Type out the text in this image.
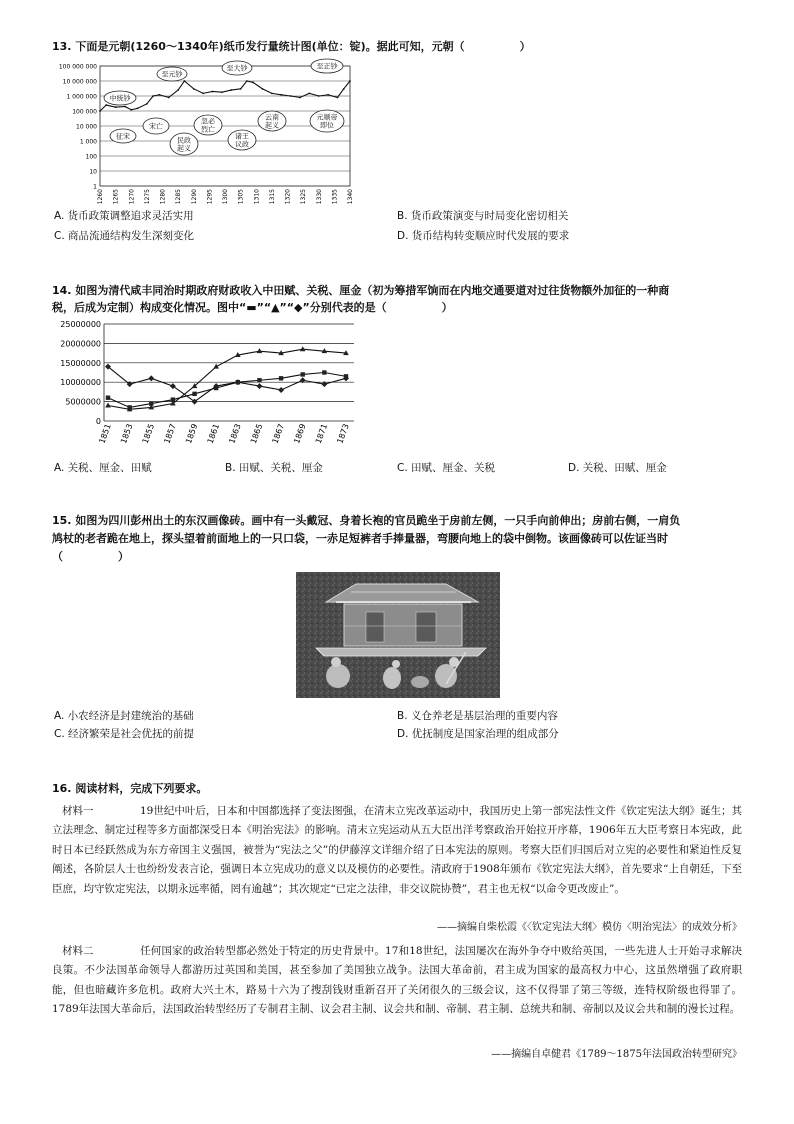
13. 下面是元朝(1260～1340年)纸币发行量统计图(单位：锭)。据此可知，元朝（　　　　　）
100 000 000
10 000 000
1 000 000
100 000
10 000
1 000
100
10
1
1260 1265 1270 1275 1280 1285 1290 1295 1300 1305 1310 1315 1320 1325 1330 1335 1340
中统钞
征宋
宋亡
至元钞
民政
起义
忽必
烈亡
至大钞
诸王
议政
云南
起义
至正钞
元顺帝
即位
A. 货币政策调整追求灵活实用	B. 货币政策演变与时局变化密切相关
C. 商品流通结构发生深刻变化	D. 货币结构转变顺应时代发展的要求
14. 如图为清代咸丰同治时期政府财政收入中田赋、关税、厘金（初为筹措军饷而在内地交通要道对过往货物额外加征的一种商
税，后成为定制）构成变化情况。图中“▬”“▲”“◆”分别代表的是（　　　　　）
25000000
20000000
15000000
10000000
5000000
0
1851 1853 1855 1857 1859 1861 1863 1865 1867 1869 1871 1873
A. 关税、厘金、田赋	B. 田赋、关税、厘金	C. 田赋、厘金、关税	D. 关税、田赋、厘金
15. 如图为四川彭州出土的东汉画像砖。画中有一头戴冠、身着长袍的官员跪坐于房前左侧，一只手向前伸出；房前右侧，一肩负
鸠杖的老者跪在地上，探头望着前面地上的一只口袋，一赤足短裤者手捧量器，弯腰向地上的袋中倒物。该画像砖可以佐证当时
（　　　　　）
A. 小农经济是封建统治的基础	B. 义仓养老是基层治理的重要内容
C. 经济繁荣是社会优抚的前提	D. 优抚制度是国家治理的组成部分
16. 阅读材料，完成下列要求。
材料一	19世纪中叶后，日本和中国都选择了变法图强，在清末立宪改革运动中，我国历史上第一部宪法性文件《钦定宪法大纲》诞生；其立法理念、制定过程等多方面都深受日本《明治宪法》的影响。清末立宪运动从五大臣出洋考察政治开始拉开序幕，1906年五大臣考察日本宪政，此时日本已经跃然成为东方帝国主义强国，被誉为“宪法之父”的伊藤淳文详细介绍了日本宪法的原则。考察大臣们归国后对立宪的必要性和紧迫性反复阐述，各阶层人士也纷纷发表言论，强调日本立宪成功的意义以及模仿的必要性。清政府于1908年颁布《钦定宪法大纲》，首先要求“上自朝廷，下至臣庶，均守钦定宪法，以期永远率循，罔有逾越”；其次规定“已定之法律，非交议院协赞”，君主也无权“以命令更改废止”。
——摘编自柴松霞《〈钦定宪法大纲〉模仿〈明治宪法〉的成效分析》
材料二	任何国家的政治转型都必然处于特定的历史背景中。17和18世纪，法国屡次在海外争夺中败给英国，一些先进人士开始寻求解决良策。不少法国革命领导人都游历过英国和美国，甚至参加了美国独立战争。法国大革命前，君主成为国家的最高权力中心，这虽然增强了政府职能，但也暗藏许多危机。政府大兴土木，路易十六为了搜刮钱财重新召开了关闭很久的三级会议，这不仅得罪了第三等级，连特权阶级也得罪了。1789年法国大革命后，法国政治转型经历了专制君主制、议会君主制、议会共和制、帝制、君主制、总统共和制、帝制以及议会共和制的漫长过程。
——摘编自卓健君《1789～1875年法国政治转型研究》
